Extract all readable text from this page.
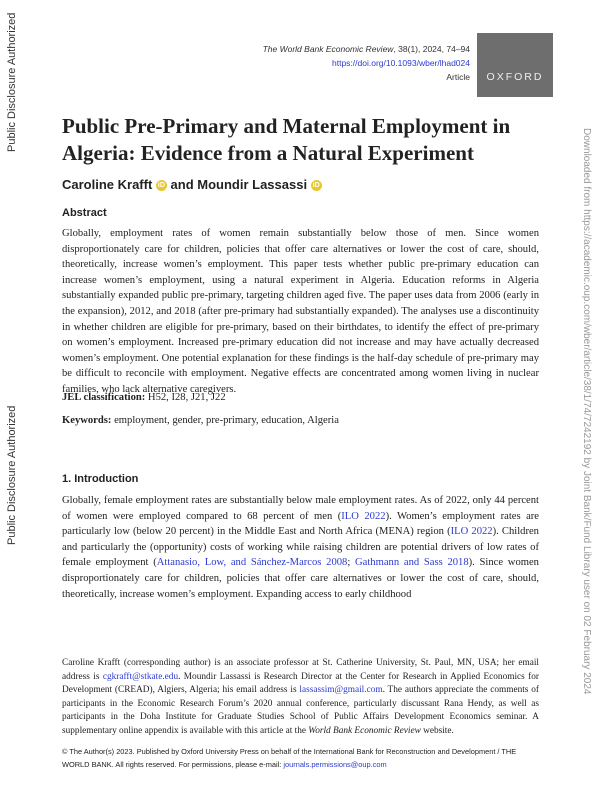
Public Disclosure Authorized
Public Disclosure Authorized	Downloaded from https://academic.oup.com/wber/article/38/1/74/7242192 by Joint Bank/Fund Library user on 02 February 2024
The World Bank Economic Review, 38(1), 2024, 74–94
https://doi.org/10.1093/wber/lhad024
Article	OXFORD
Public Pre-Primary and Maternal Employment in Algeria: Evidence from a Natural Experiment
Caroline Krafft iD and Moundir Lassassi iD
Abstract

Globally, employment rates of women remain substantially below those of men. Since women disproportionately care for children, policies that offer care alternatives or lower the cost of care, should, theoretically, increase women’s employment. This paper tests whether public pre-primary education can increase women’s employment, using a natural experiment in Algeria. Education reforms in Algeria substantially expanded public pre-primary, targeting children aged five. The paper uses data from 2006 (early in the expansion), 2012, and 2018 (after pre-primary had substantially expanded). The analyses use a discontinuity in whether children are eligible for pre-primary, based on their birthdates, to identify the effect of pre-primary on women’s employment. Increased pre-primary education did not increase and may have actually decreased women’s employment. One potential explanation for these findings is the half-day schedule of pre-primary may be difficult to reconcile with employment. Negative effects are concentrated among women living in nuclear families, who lack alternative caregivers.

JEL classification: H52, I28, J21, J22

Keywords: employment, gender, pre-primary, education, Algeria

1. Introduction

Globally, female employment rates are substantially below male employment rates. As of 2022, only 44 percent of women were employed compared to 68 percent of men (ILO 2022). Women’s employment rates are particularly low (below 20 percent) in the Middle East and North Africa (MENA) region (ILO 2022). Children and particularly the (opportunity) costs of working while raising children are potential drivers of low rates of female employment (Attanasio, Low, and Sánchez-Marcos 2008; Gathmann and Sass 2018). Since women disproportionately care for children, policies that offer care alternatives or lower the cost of care, should, theoretically, increase women’s employment. Expanding access to early childhood

Caroline Krafft (corresponding author) is an associate professor at St. Catherine University, St. Paul, MN, USA; her email address is cgkrafft@stkate.edu. Moundir Lassassi is Research Director at the Center for Research in Applied Economics for Development (CREAD), Algiers, Algeria; his email address is lassassim@gmail.com. The authors appreciate the comments of participants in the Economic Research Forum’s 2020 annual conference, particularly discussant Rana Hendy, as well as participants in the Doha Institute for Graduate Studies School of Public Affairs Development Economics seminar. A supplementary online appendix is available with this article at the World Bank Economic Review website.

© The Author(s) 2023. Published by Oxford University Press on behalf of the International Bank for Reconstruction and Development / THE WORLD BANK. All rights reserved. For permissions, please e-mail: journals.permissions@oup.com
